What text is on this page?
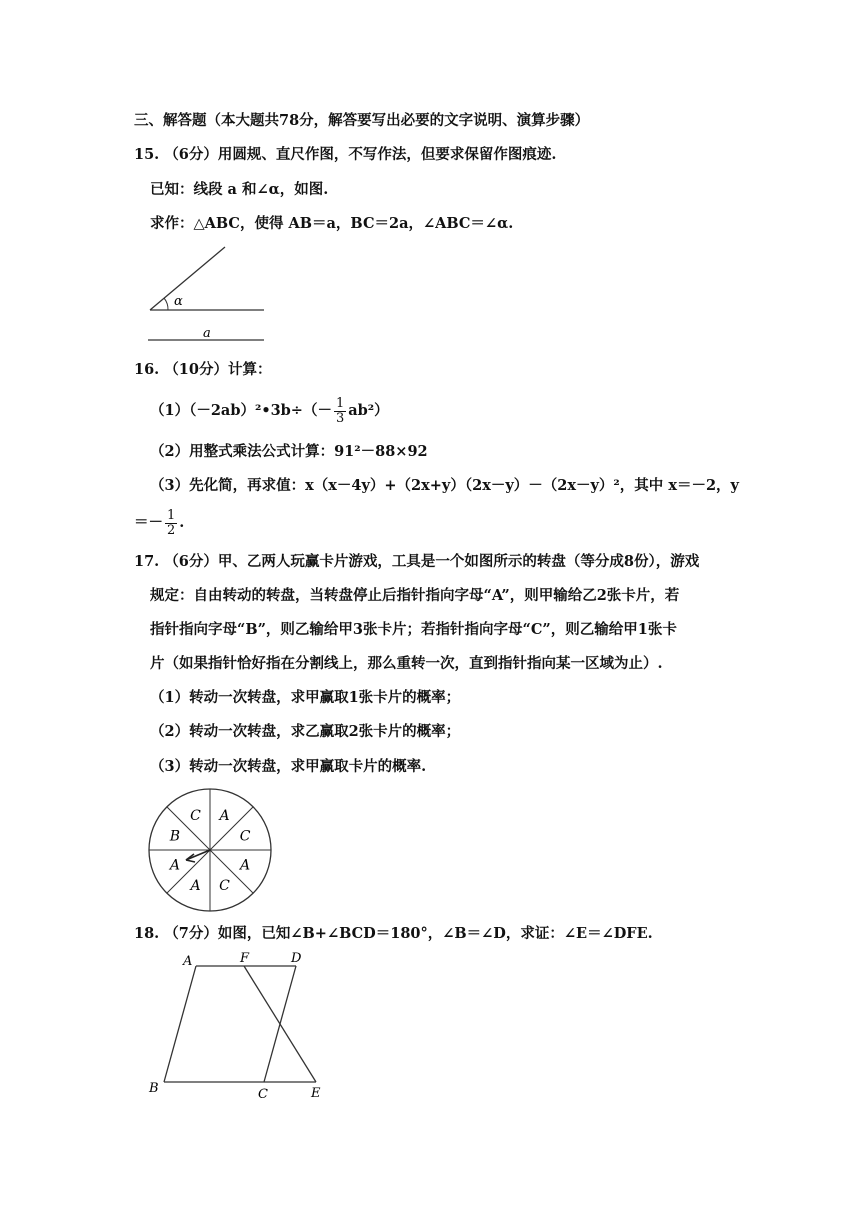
三、解答题（本大题共78分，解答要写出必要的文字说明、演算步骤）
15. （6分）用圆规、直尺作图，不写作法，但要求保留作图痕迹.
已知：线段 a 和∠α，如图.
求作：△ABC，使得 AB＝a，BC＝2a，∠ABC＝∠α.
α
a
16. （10分）计算：
（1）（－2ab）²•3b÷（－ $\frac{1}{3} ab^2$）
（2）用整式乘法公式计算：91²－88×92
（3）先化简，再求值：x（x－4y）+（2x+y）（2x－y）－（2x－y）²，其中 x＝－2，y
＝－ $\frac{1}{2}$ .
17. （6分）甲、乙两人玩赢卡片游戏，工具是一个如图所示的转盘（等分成8份），游戏
规定：自由转动的转盘，当转盘停止后指针指向字母“A”，则甲输给乙2张卡片，若
指针指向字母“B”，则乙输给甲3张卡片；若指针指向字母“C”，则乙输给甲1张卡
片（如果指针恰好指在分割线上，那么重转一次，直到指针指向某一区域为止）.
（1）转动一次转盘，求甲赢取1张卡片的概率；
（2）转动一次转盘，求乙赢取2张卡片的概率；
（3）转动一次转盘，求甲赢取卡片的概率.
A
C
A
C
A
A
B
C
18. （7分）如图，已知∠B+∠BCD＝180°，∠B＝∠D，求证：∠E＝∠DFE.
A	F	D
B	C	E
